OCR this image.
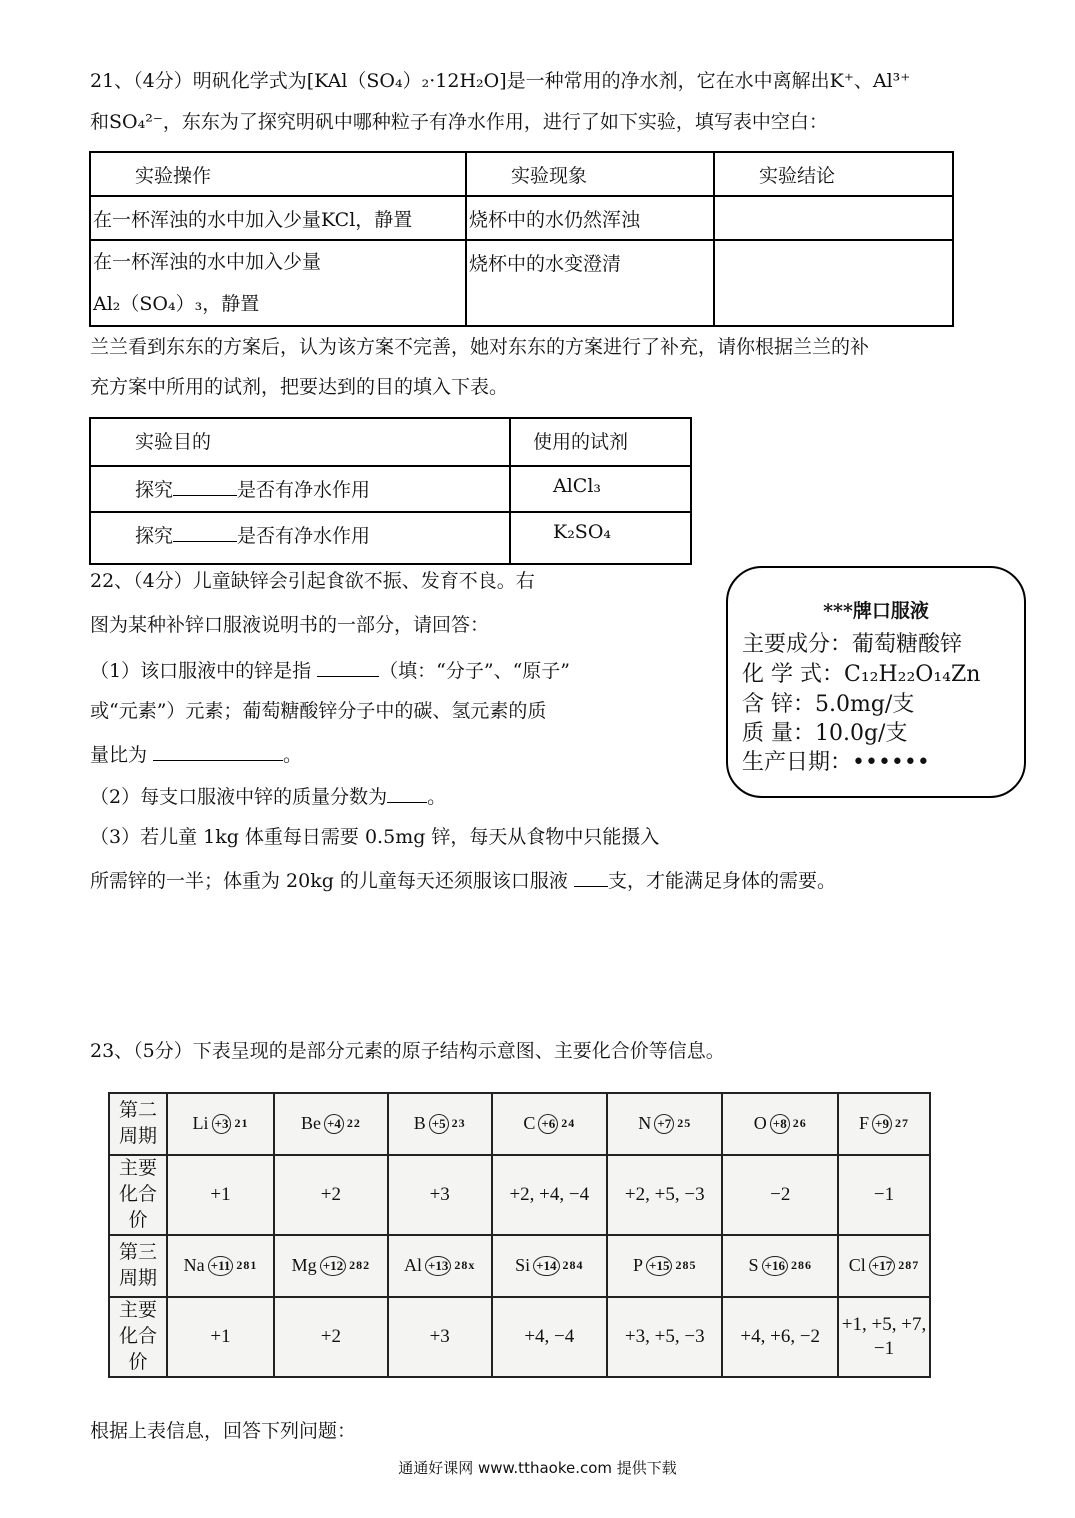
21、（4分）明矾化学式为[KAl（SO₄）₂·12H₂O]是一种常用的净水剂，它在水中离解出K⁺、Al³⁺
和SO₄²⁻，东东为了探究明矾中哪种粒子有净水作用，进行了如下实验，填写表中空白：
实验操作	实验现象	实验结论
在一杯浑浊的水中加入少量KCl，静置	烧杯中的水仍然浑浊	

在一杯浑浊的水中加入少量
Al₂（SO₄）₃，静置	烧杯中的水变澄清	
兰兰看到东东的方案后，认为该方案不完善，她对东东的方案进行了补充，请你根据兰兰的补
充方案中所用的试剂，把要达到的目的填入下表。
实验目的	使用的试剂
探究 是否有净水作用	AlCl₃
探究 是否有净水作用	K₂SO₄
22、（4分）儿童缺锌会引起食欲不振、发育不良。右
图为某种补锌口服液说明书的一部分，请回答：
（1）该口服液中的锌是指	（填：“分子”、“原子”
或“元素”）元素；葡萄糖酸锌分子中的碳、氢元素的质
量比为	。
（2）每支口服液中锌的质量分数为 。
（3）若儿童 1kg 体重每日需要 0.5mg 锌，每天从食物中只能摄入
所需锌的一半；体重为 20kg 的儿童每天还须服该口服液 支，才能满足身体的需要。
***牌口服液
主要成分：葡萄糖酸锌
化 学 式：C₁₂H₂₂O₁₄Zn
含 锌：5.0mg/支
质 量：10.0g/支
生产日期：••••••
23、（5分）下表呈现的是部分元素的原子结构示意图、主要化合价等信息。
第二
周期	Li +3 21	Be +4 22	B +5 23	C +6 24	N +7 25	O +8 26	F +9 27

主要
化合价	+1	+2	+3	+2, +4, −4	+2, +5, −3	−2	−1
第三
周期	Na +11 281	Mg +12 282	Al +13 28x	Si +14 284	P +15 285	S +16 286	Cl +17 287

主要
化合价	+1	+2	+3	+4, −4	+3, +5, −3	+4, +6, −2	+1, +5, +7, −1
根据上表信息，回答下列问题：
通通好课网 www.tthaoke.com 提供下载
